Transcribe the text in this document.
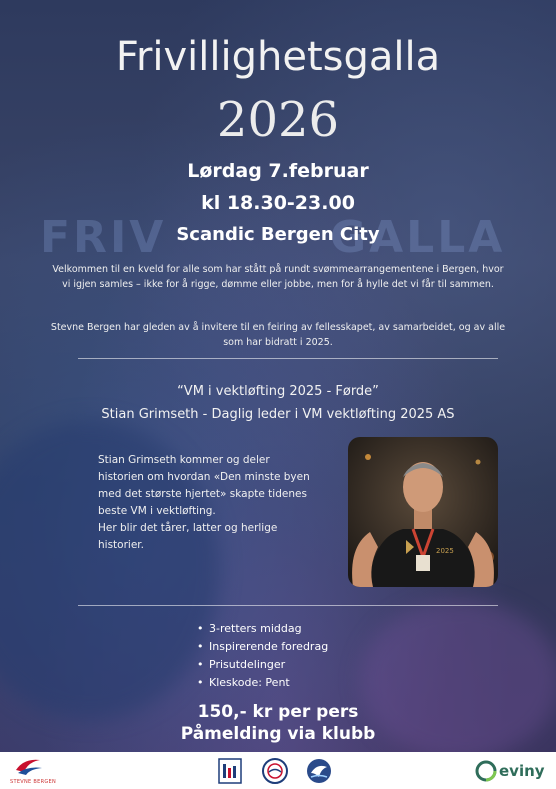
FRIV	GALLA
Frivillighetsgalla
2026
Lørdag 7.februar
kl 18.30-23.00
Scandic Bergen City
Velkommen til en kveld for alle som har stått på rundt svømmearrangementene i Bergen, hvor vi igjen samles – ikke for å rigge, dømme eller jobbe, men for å hylle det vi får til sammen.
Stevne Bergen har gleden av å invitere til en feiring av fellesskapet, av samarbeidet, og av alle som har bidratt i 2025.
“VM i vektløfting 2025 - Førde”
Stian Grimseth - Daglig leder i VM vektløfting 2025 AS
Stian Grimseth kommer og deler historien om hvordan «Den minste byen med det største hjertet» skapte tidenes beste VM i vektløfting.
Her blir det tårer, latter og herlige historier.	2025
• 3-retters middag
• Inspirerende foredrag
• Prisutdelinger
• Kleskode: Pent
150,- kr per pers
Påmelding via klubb
STEVNE BERGEN
eviny
